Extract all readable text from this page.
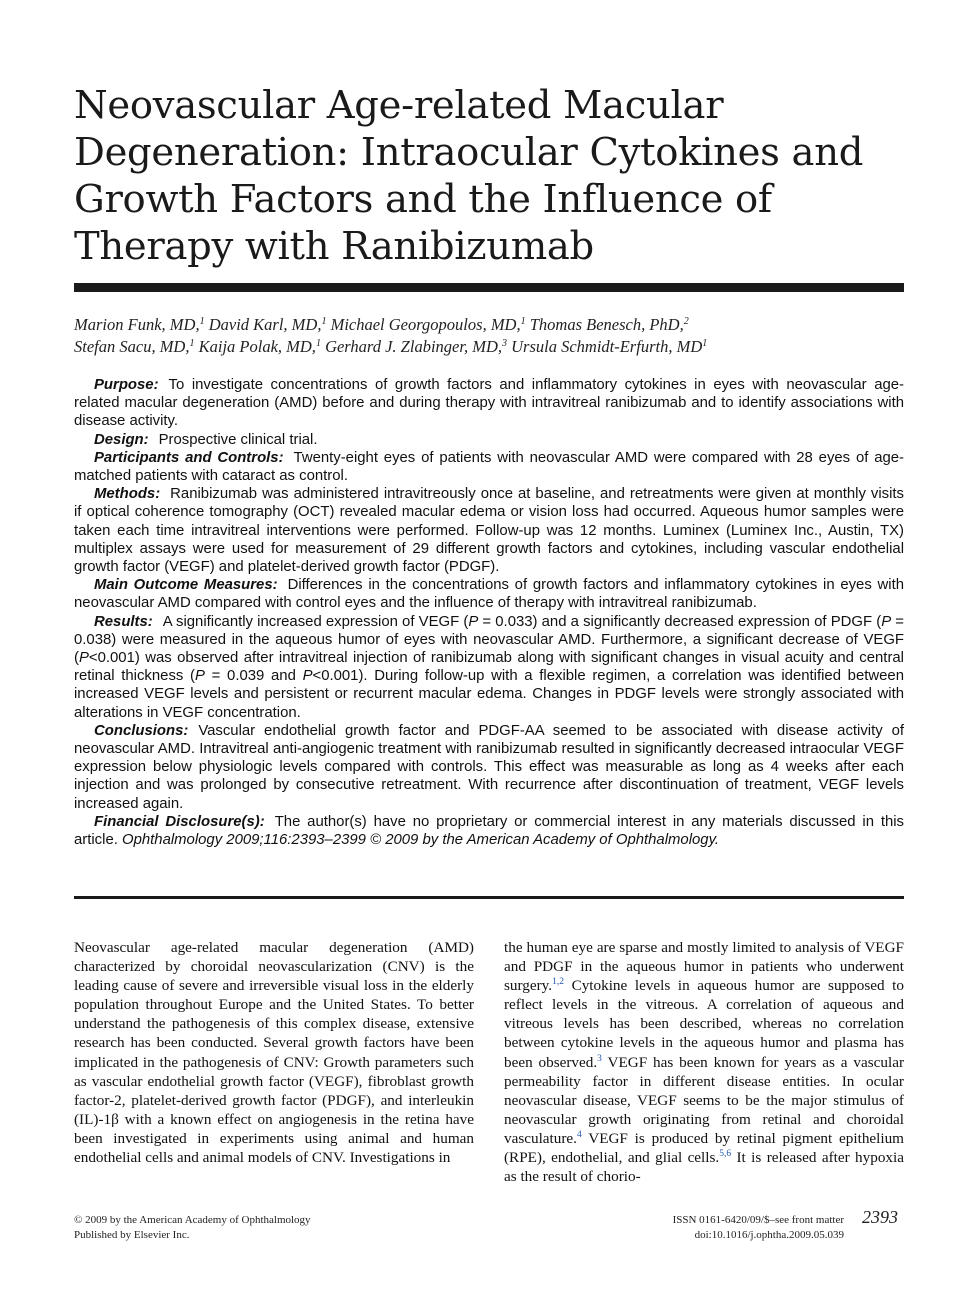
Neovascular Age-related Macular Degeneration: Intraocular Cytokines and Growth Factors and the Influence of Therapy with Ranibizumab
Marion Funk, MD,$^1$ David Karl, MD,$^1$ Michael Georgopoulos, MD,$^1$ Thomas Benesch, PhD,$^2$
Stefan Sacu, MD,$^1$ Kaija Polak, MD,$^1$ Gerhard J. Zlabinger, MD,$^3$ Ursula Schmidt-Erfurth, $MD^1$

Purpose: To investigate concentrations of growth factors and inflammatory cytokines in eyes with neovascular age-related macular degeneration (AMD) before and during therapy with intravitreal ranibizumab and to identify associations with disease activity.

Design: Prospective clinical trial.

Participants and Controls: Twenty-eight eyes of patients with neovascular AMD were compared with 28 eyes of age-matched patients with cataract as control.

Methods: Ranibizumab was administered intravitreously once at baseline, and retreatments were given at monthly visits if optical coherence tomography (OCT) revealed macular edema or vision loss had occurred. Aqueous humor samples were taken each time intravitreal interventions were performed. Follow-up was 12 months. Luminex (Luminex Inc., Austin, TX) multiplex assays were used for measurement of 29 different growth factors and cytokines, including vascular endothelial growth factor (VEGF) and platelet-derived growth factor (PDGF).

Main Outcome Measures: Differences in the concentrations of growth factors and inflammatory cytokines in eyes with neovascular AMD compared with control eyes and the influence of therapy with intravitreal ranibizumab.

Results: A significantly increased expression of VEGF (P = 0.033) and a significantly decreased expression of PDGF (P = 0.038) were measured in the aqueous humor of eyes with neovascular AMD. Furthermore, a significant decrease of VEGF (P<0.001) was observed after intravitreal injection of ranibizumab along with significant changes in visual acuity and central retinal thickness (P = 0.039 and P<0.001). During follow-up with a flexible regimen, a correlation was identified between increased VEGF levels and persistent or recurrent macular edema. Changes in PDGF levels were strongly associated with alterations in VEGF concentration.

Conclusions: Vascular endothelial growth factor and PDGF-AA seemed to be associated with disease activity of neovascular AMD. Intravitreal anti-angiogenic treatment with ranibizumab resulted in significantly decreased intraocular VEGF expression below physiologic levels compared with controls. This effect was measurable as long as 4 weeks after each injection and was prolonged by consecutive retreatment. With recurrence after discontinuation of treatment, VEGF levels increased again.

Financial Disclosure(s): The author(s) have no proprietary or commercial interest in any materials discussed in this article. Ophthalmology 2009;116:2393–2399 © 2009 by the American Academy of Ophthalmology.

Neovascular age-related macular degeneration (AMD) characterized by choroidal neovascularization (CNV) is the leading cause of severe and irreversible visual loss in the elderly population throughout Europe and the United States. To better understand the pathogenesis of this complex disease, extensive research has been conducted. Several growth factors have been implicated in the pathogenesis of CNV: Growth parameters such as vascular endothelial growth factor (VEGF), fibroblast growth factor-2, platelet-derived growth factor (PDGF), and interleukin (IL)-1β with a known effect on angiogenesis in the retina have been investigated in experiments using animal and human endothelial cells and animal models of CNV. Investigations in
the human eye are sparse and mostly limited to analysis of VEGF and PDGF in the aqueous humor in patients who underwent surgery.$^{1,2}$ Cytokine levels in aqueous humor are supposed to reflect levels in the vitreous. A correlation of aqueous and vitreous levels has been described, whereas no correlation between cytokine levels in the aqueous humor and plasma has been observed.$^3$ VEGF has been known for years as a vascular permeability factor in different disease entities. In ocular neovascular disease, VEGF seems to be the major stimulus of neovascular growth originating from retinal and choroidal vasculature.$^4$ VEGF is produced by retinal pigment epithelium (RPE), endothelial, and glial cells.$^{5,6}$ It is released after hypoxia as the result of chorio-
© 2009 by the American Academy of Ophthalmology
Published by Elsevier Inc.
ISSN 0161-6420/09/$–see front matter
doi:10.1016/j.ophtha.2009.05.039
2393
